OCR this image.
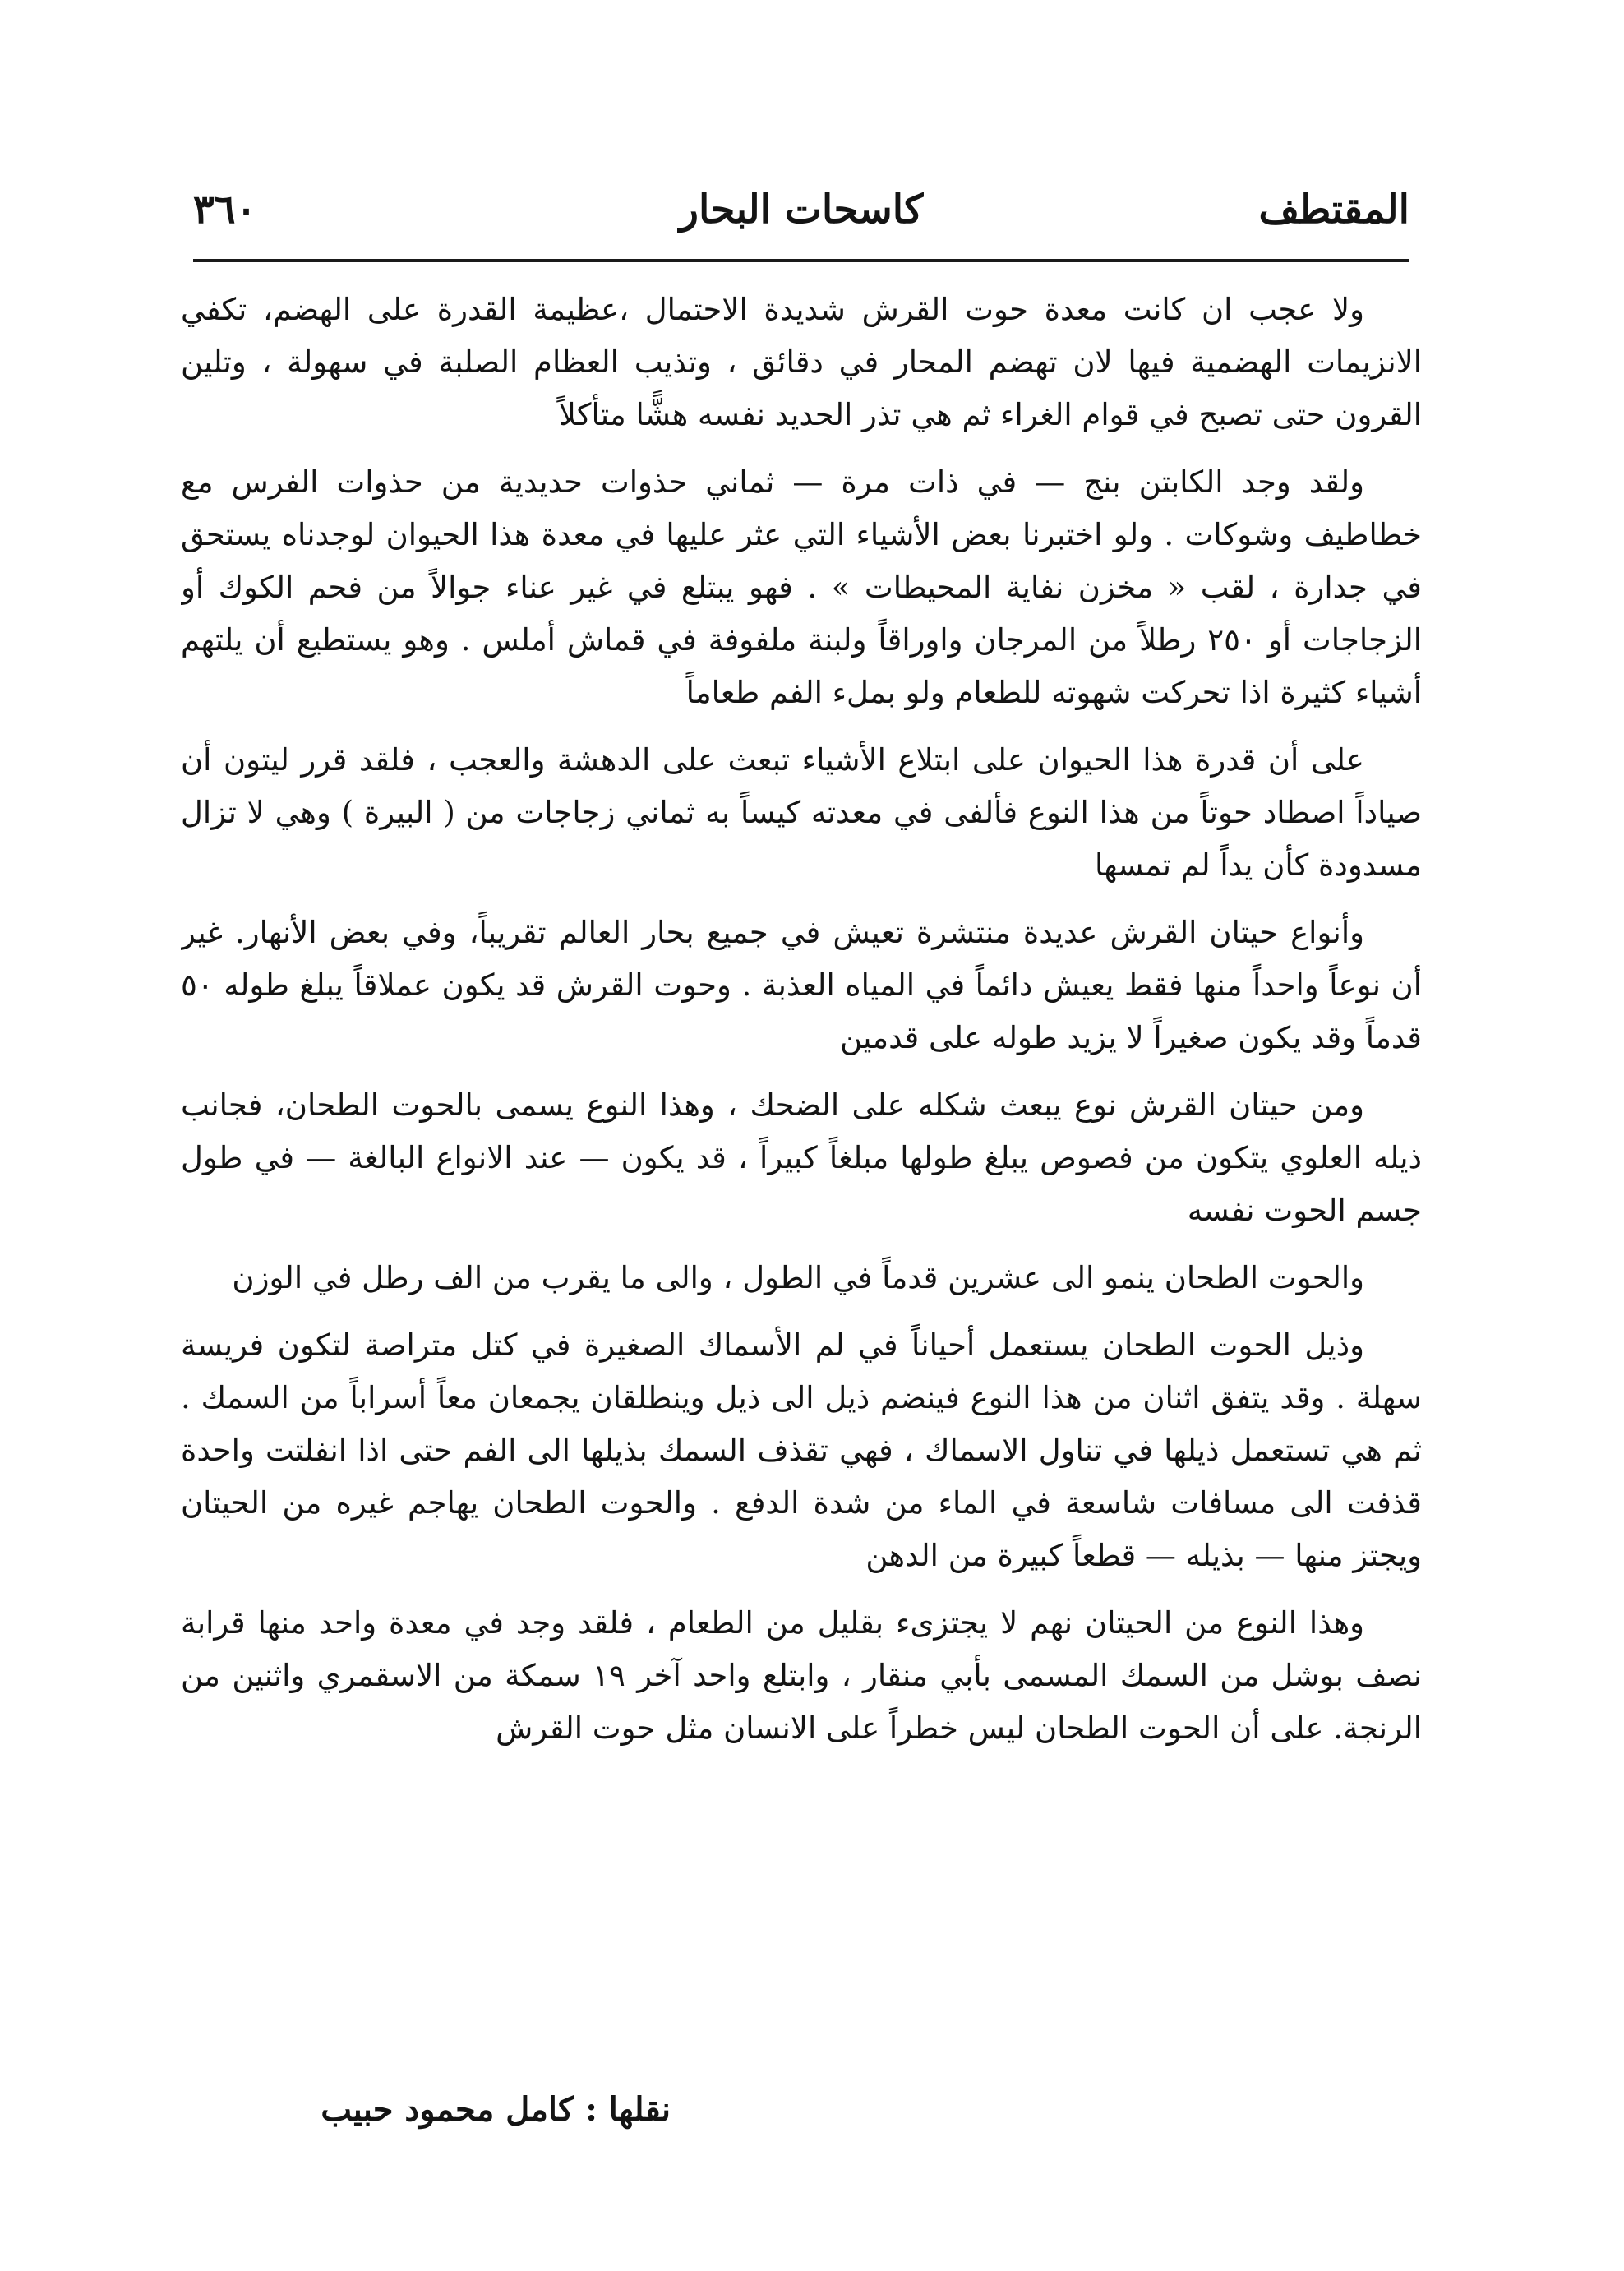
المقتطف
كاسحات البحار
٣٦٠

ولا عجب ان كانت معدة حوت القرش شديدة الاحتمال ،عظيمة القدرة على الهضم، تكفي الانزيمات الهضمية فيها لان تهضم المحار في دقائق ، وتذيب العظام الصلبة في سهولة ، وتلين القرون حتى تصبح في قوام الغراء ثم هي تذر الحديد نفسه هشًّا متأكلاً

ولقد وجد الكابتن بنج — في ذات مرة — ثماني حذوات حديدية من حذوات الفرس مع خطاطيف وشوكات . ولو اختبرنا بعض الأشياء التي عثر عليها في معدة هذا الحيوان لوجدناه يستحق في جدارة ، لقب « مخزن نفاية المحيطات » . فهو يبتلع في غير عناء جوالاً من فحم الكوك أو الزجاجات أو ٢٥٠ رطلاً من المرجان واوراقاً ولبنة ملفوفة في قماش أملس . وهو يستطيع أن يلتهم أشياء كثيرة اذا تحركت شهوته للطعام ولو بملء الفم طعاماً

على أن قدرة هذا الحيوان على ابتلاع الأشياء تبعث على الدهشة والعجب ، فلقد قرر ليتون أن صياداً اصطاد حوتاً من هذا النوع فألفى في معدته كيساً به ثماني زجاجات من ( البيرة ) وهي لا تزال مسدودة كأن يداً لم تمسها

وأنواع حيتان القرش عديدة منتشرة تعيش في جميع بحار العالم تقريباً، وفي بعض الأنهار. غير أن نوعاً واحداً منها فقط يعيش دائماً في المياه العذبة . وحوت القرش قد يكون عملاقاً يبلغ طوله ٥٠ قدماً وقد يكون صغيراً لا يزيد طوله على قدمين

ومن حيتان القرش نوع يبعث شكله على الضحك ، وهذا النوع يسمى بالحوت الطحان، فجانب ذيله العلوي يتكون من فصوص يبلغ طولها مبلغاً كبيراً ، قد يكون — عند الانواع البالغة — في طول جسم الحوت نفسه

والحوت الطحان ينمو الى عشرين قدماً في الطول ، والى ما يقرب من الف رطل في الوزن

وذيل الحوت الطحان يستعمل أحياناً في لم الأسماك الصغيرة في كتل متراصة لتكون فريسة سهلة . وقد يتفق اثنان من هذا النوع فينضم ذيل الى ذيل وينطلقان يجمعان معاً أسراباً من السمك . ثم هي تستعمل ذيلها في تناول الاسماك ، فهي تقذف السمك بذيلها الى الفم حتى اذا انفلتت واحدة قذفت الى مسافات شاسعة في الماء من شدة الدفع . والحوت الطحان يهاجم غيره من الحيتان ويجتز منها — بذيله — قطعاً كبيرة من الدهن

وهذا النوع من الحيتان نهم لا يجتزىء بقليل من الطعام ، فلقد وجد في معدة واحد منها قرابة نصف بوشل من السمك المسمى بأبي منقار ، وابتلع واحد آخر ١٩ سمكة من الاسقمري واثنين من الرنجة. على أن الحوت الطحان ليس خطراً على الانسان مثل حوت القرش

نقلها : كامل محمود حبيب
